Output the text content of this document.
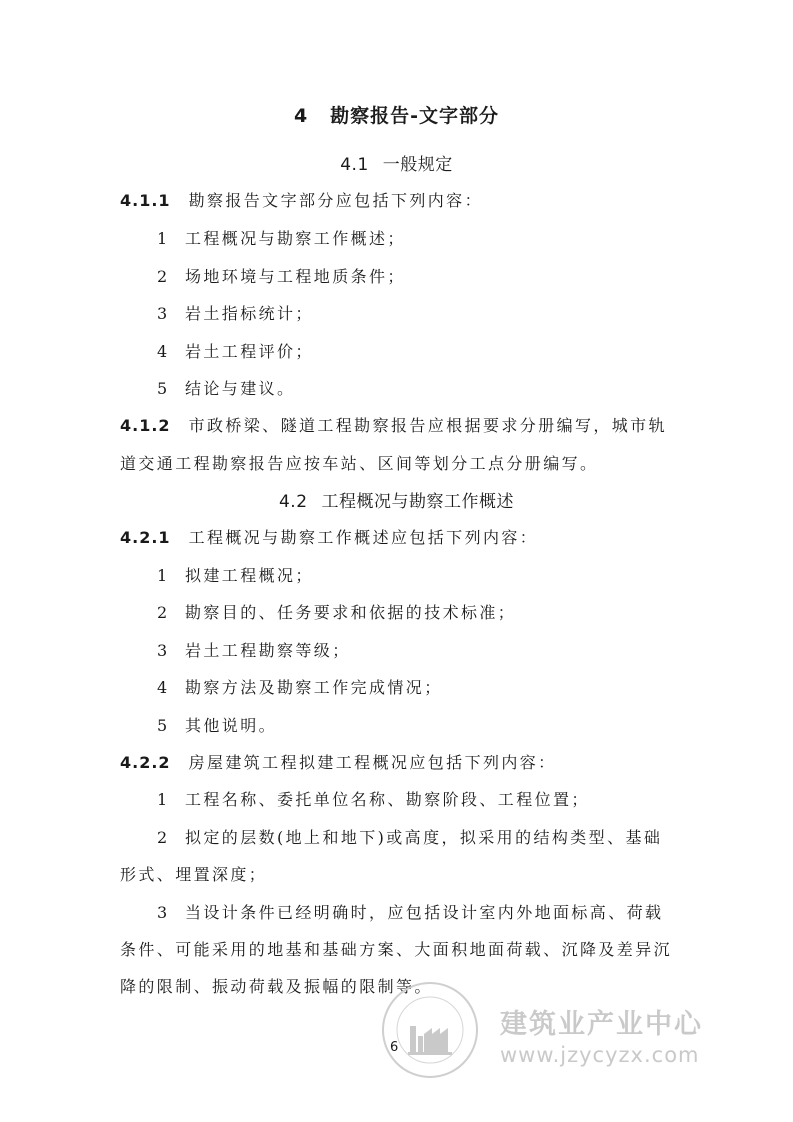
4 勘察报告-文字部分
4.1 一般规定
4.1.1 勘察报告文字部分应包括下列内容：
1 工程概况与勘察工作概述；
2 场地环境与工程地质条件；
3 岩土指标统计；
4 岩土工程评价；
5 结论与建议。
4.1.2 市政桥梁、隧道工程勘察报告应根据要求分册编写，城市轨
道交通工程勘察报告应按车站、区间等划分工点分册编写。
4.2 工程概况与勘察工作概述
4.2.1 工程概况与勘察工作概述应包括下列内容：
1 拟建工程概况；
2 勘察目的、任务要求和依据的技术标准；
3 岩土工程勘察等级；
4 勘察方法及勘察工作完成情况；
5 其他说明。
4.2.2 房屋建筑工程拟建工程概况应包括下列内容：
1 工程名称、委托单位名称、勘察阶段、工程位置；
2 拟定的层数(地上和地下)或高度，拟采用的结构类型、基础
形式、埋置深度；
3 当设计条件已经明确时，应包括设计室内外地面标高、荷载
条件、可能采用的地基和基础方案、大面积地面荷载、沉降及差异沉
降的限制、振动荷载及振幅的限制等。
6
建筑业产业中心
www.jzycyzx.com
